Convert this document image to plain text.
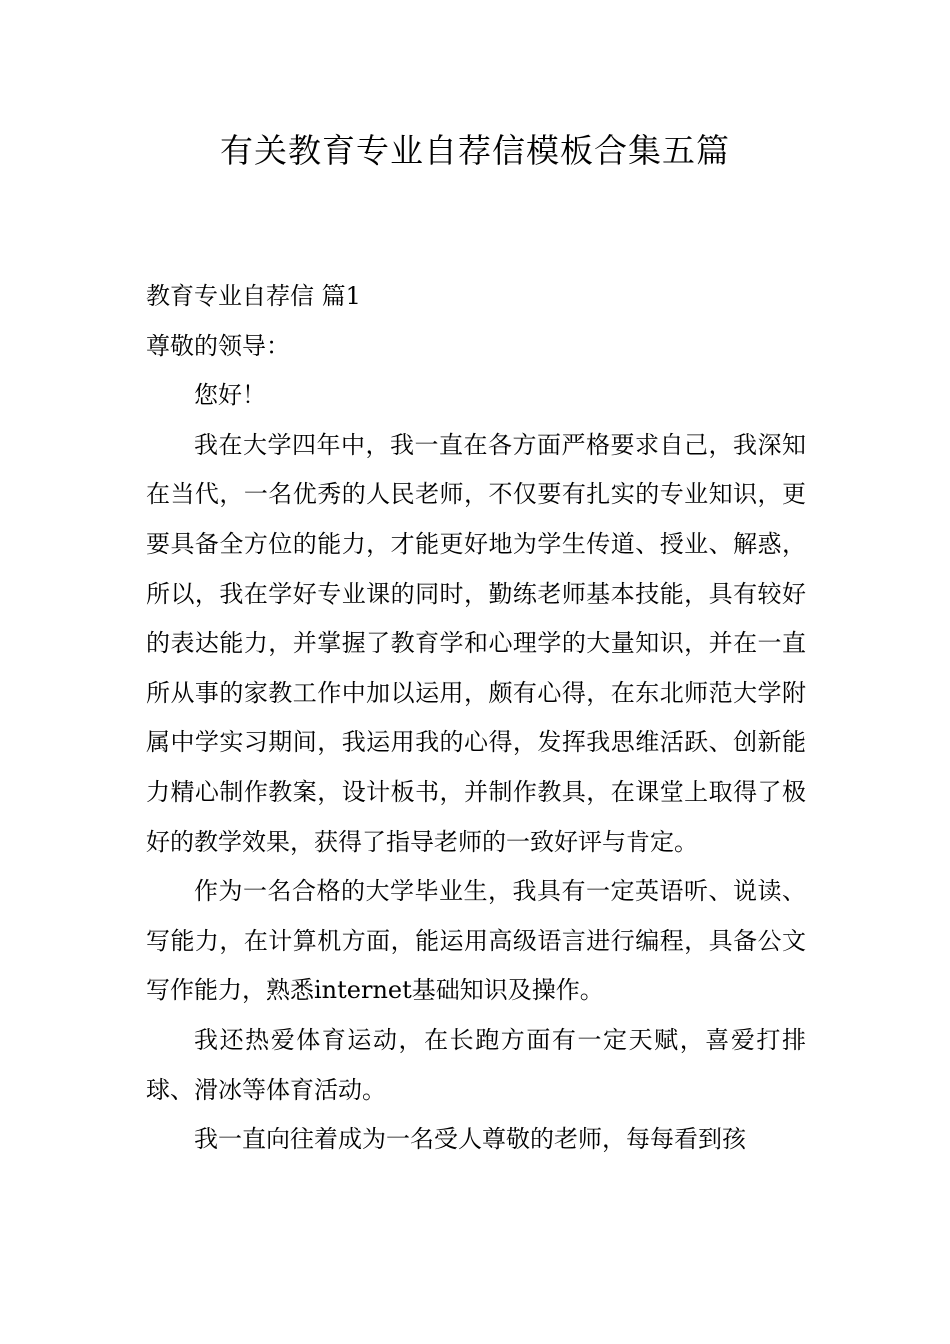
有关教育专业自荐信模板合集五篇

教育专业自荐信 篇1

尊敬的领导：

您好！

我在大学四年中，我一直在各方面严格要求自己，我深知在当代，一名优秀的人民老师，不仅要有扎实的专业知识，更要具备全方位的能力，才能更好地为学生传道、授业、解惑，所以，我在学好专业课的同时，勤练老师基本技能，具有较好的表达能力，并掌握了教育学和心理学的大量知识，并在一直所从事的家教工作中加以运用，颇有心得，在东北师范大学附属中学实习期间，我运用我的心得，发挥我思维活跃、创新能力精心制作教案，设计板书，并制作教具，在课堂上取得了极好的教学效果，获得了指导老师的一致好评与肯定。

作为一名合格的大学毕业生，我具有一定英语听、说读、写能力，在计算机方面，能运用高级语言进行编程，具备公文写作能力，熟悉internet基础知识及操作。

我还热爱体育运动，在长跑方面有一定天赋，喜爱打排球、滑冰等体育活动。

我一直向往着成为一名受人尊敬的老师，每每看到孩
